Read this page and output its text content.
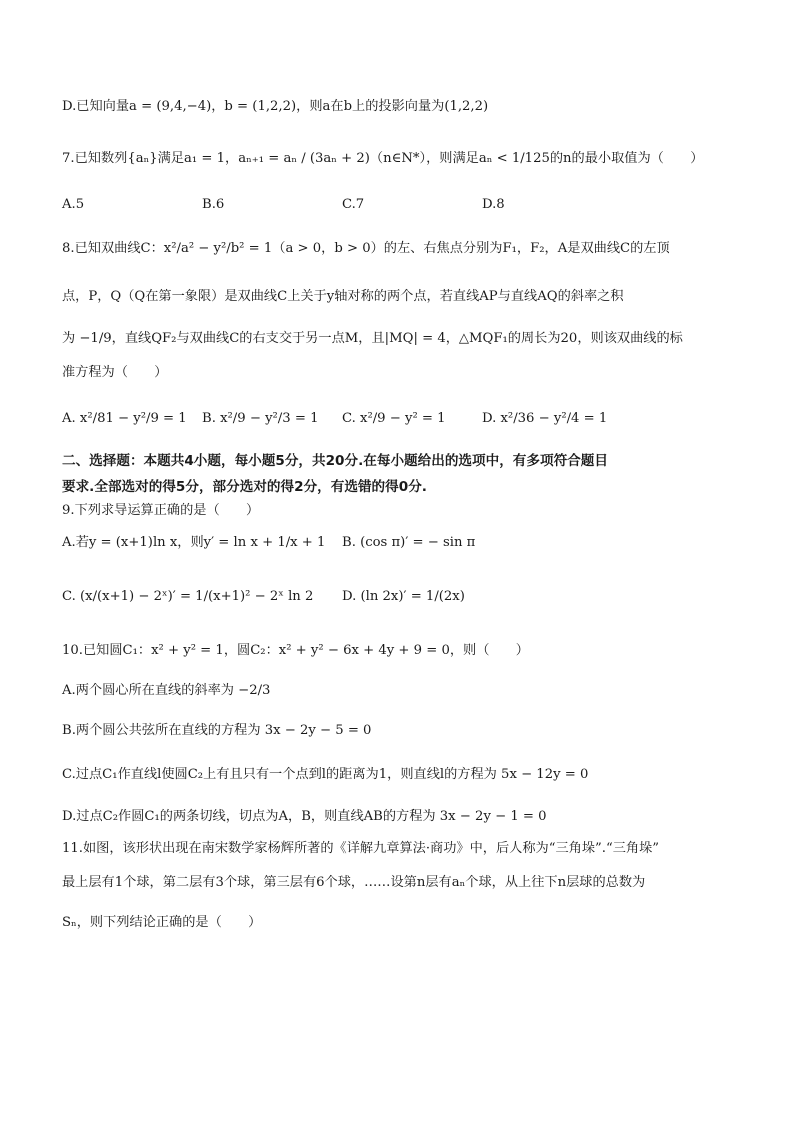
D.已知向量a = (9,4,−4)，b = (1,2,2)，则a在b上的投影向量为(1,2,2)
7.已知数列{aₙ}满足a₁ = 1，aₙ₊₁ = aₙ / (3aₙ + 2)（n∈N*），则满足aₙ < 1/125的n的最小取值为（　　）
A.5	B.6	C.7	D.8
8.已知双曲线C：x²/a² − y²/b² = 1（a > 0，b > 0）的左、右焦点分别为F₁，F₂，A是双曲线C的左顶
点，P，Q（Q在第一象限）是双曲线C上关于y轴对称的两个点，若直线AP与直线AQ的斜率之积
为 −1/9，直线QF₂与双曲线C的右支交于另一点M，且|MQ| = 4，△MQF₁的周长为20，则该双曲线的标
准方程为（　　）
A. x²/81 − y²/9 = 1 B. x²/9 − y²/3 = 1 C. x²/9 − y² = 1	D. x²/36 − y²/4 = 1
二、选择题：本题共4小题，每小题5分，共20分.在每小题给出的选项中，有多项符合题目
要求.全部选对的得5分，部分选对的得2分，有选错的得0分.
9.下列求导运算正确的是（　　）
A.若y = (x+1)ln x，则y′ = ln x + 1/x + 1 B. (cos π)′ = − sin π
C. (x/(x+1) − 2ˣ)′ = 1/(x+1)² − 2ˣ ln 2 D. (ln 2x)′ = 1/(2x)
10.已知圆C₁：x² + y² = 1，圆C₂：x² + y² − 6x + 4y + 9 = 0，则（　　）
A.两个圆心所在直线的斜率为 −2/3
B.两个圆公共弦所在直线的方程为 3x − 2y − 5 = 0
C.过点C₁作直线l使圆C₂上有且只有一个点到l的距离为1，则直线l的方程为 5x − 12y = 0
D.过点C₂作圆C₁的两条切线，切点为A，B，则直线AB的方程为 3x − 2y − 1 = 0
11.如图，该形状出现在南宋数学家杨辉所著的《详解九章算法·商功》中，后人称为“三角垛”.“三角垛”
最上层有1个球，第二层有3个球，第三层有6个球，……设第n层有aₙ个球，从上往下n层球的总数为
Sₙ，则下列结论正确的是（　　）
